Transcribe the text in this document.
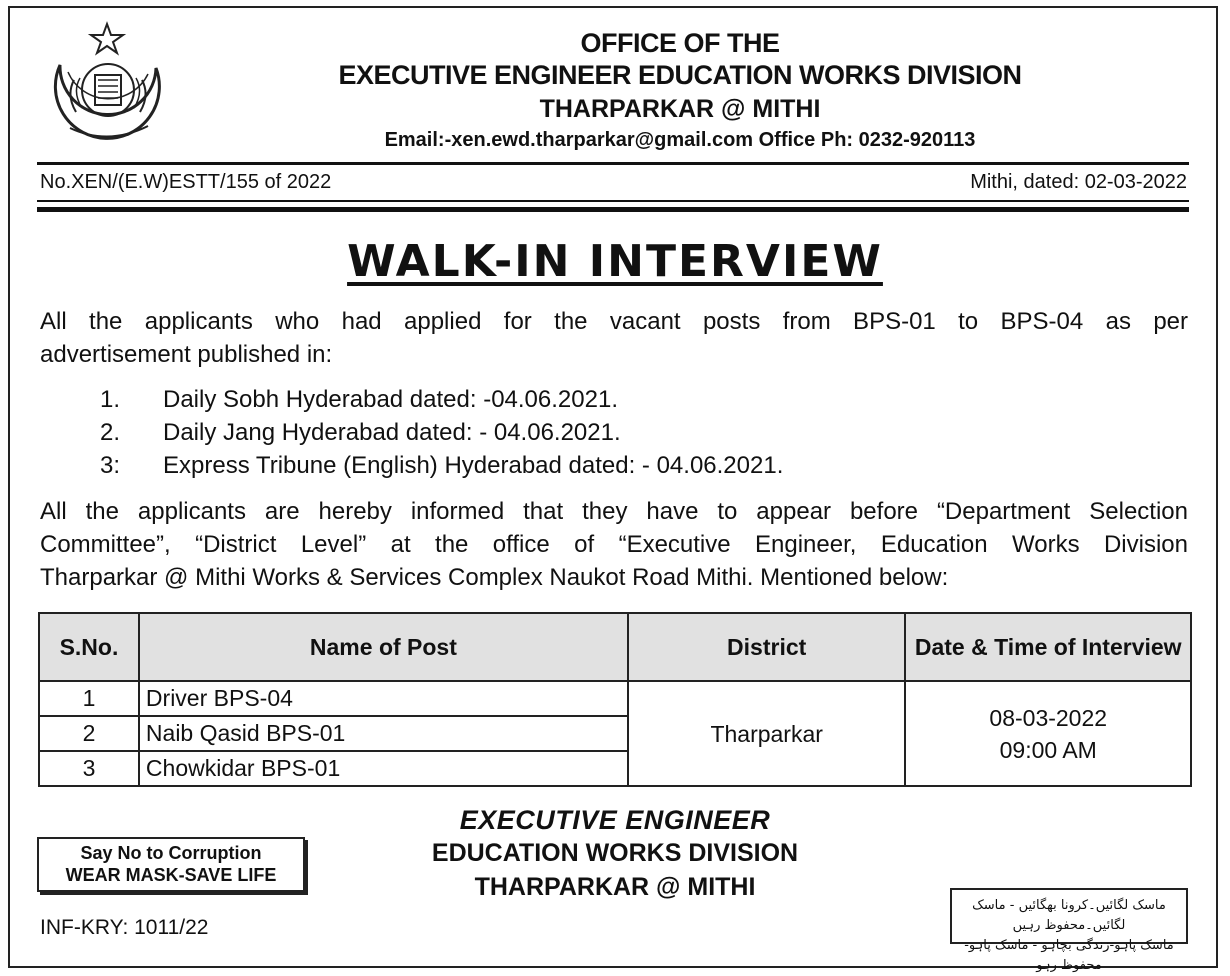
OFFICE OF THE
EXECUTIVE ENGINEER EDUCATION WORKS DIVISION
THARPARKAR @ MITHI
Email:-xen.ewd.tharparkar@gmail.com Office Ph: 0232-920113
No.XEN/(E.W)ESTT/155 of 2022	Mithi, dated: 02-03-2022
WALK-IN INTERVIEW
All the applicants who had applied for the vacant posts from BPS-01 to BPS-04 as per
advertisement published in:
1. Daily Sobh Hyderabad dated: -04.06.2021.
2. Daily Jang Hyderabad dated: - 04.06.2021.
3: Express Tribune (English) Hyderabad dated: - 04.06.2021.
All the applicants are hereby informed that they have to appear before “Department Selection
Committee”, “District Level” at the office of “Executive Engineer, Education Works Division
Tharparkar @ Mithi Works & Services Complex Naukot Road Mithi. Mentioned below:
S.No.	Name of Post	District	Date & Time of Interview
1	Driver BPS-04	Tharparkar	08-03-2022
09:00 AM

2	Naib Qasid BPS-01		
3	Chowkidar BPS-01		
EXECUTIVE ENGINEER
EDUCATION WORKS DIVISION
THARPARKAR @ MITHI
Say No to Corruption
WEAR MASK-SAVE LIFE
INF-KRY: 1011/22
ماسک لگائیں۔کرونا بھگائیں - ماسک لگائیں۔محفوظ رہیں
ماسک پاہو-زندگی بچاہو - ماسک پاہو-محفوظ رہو
